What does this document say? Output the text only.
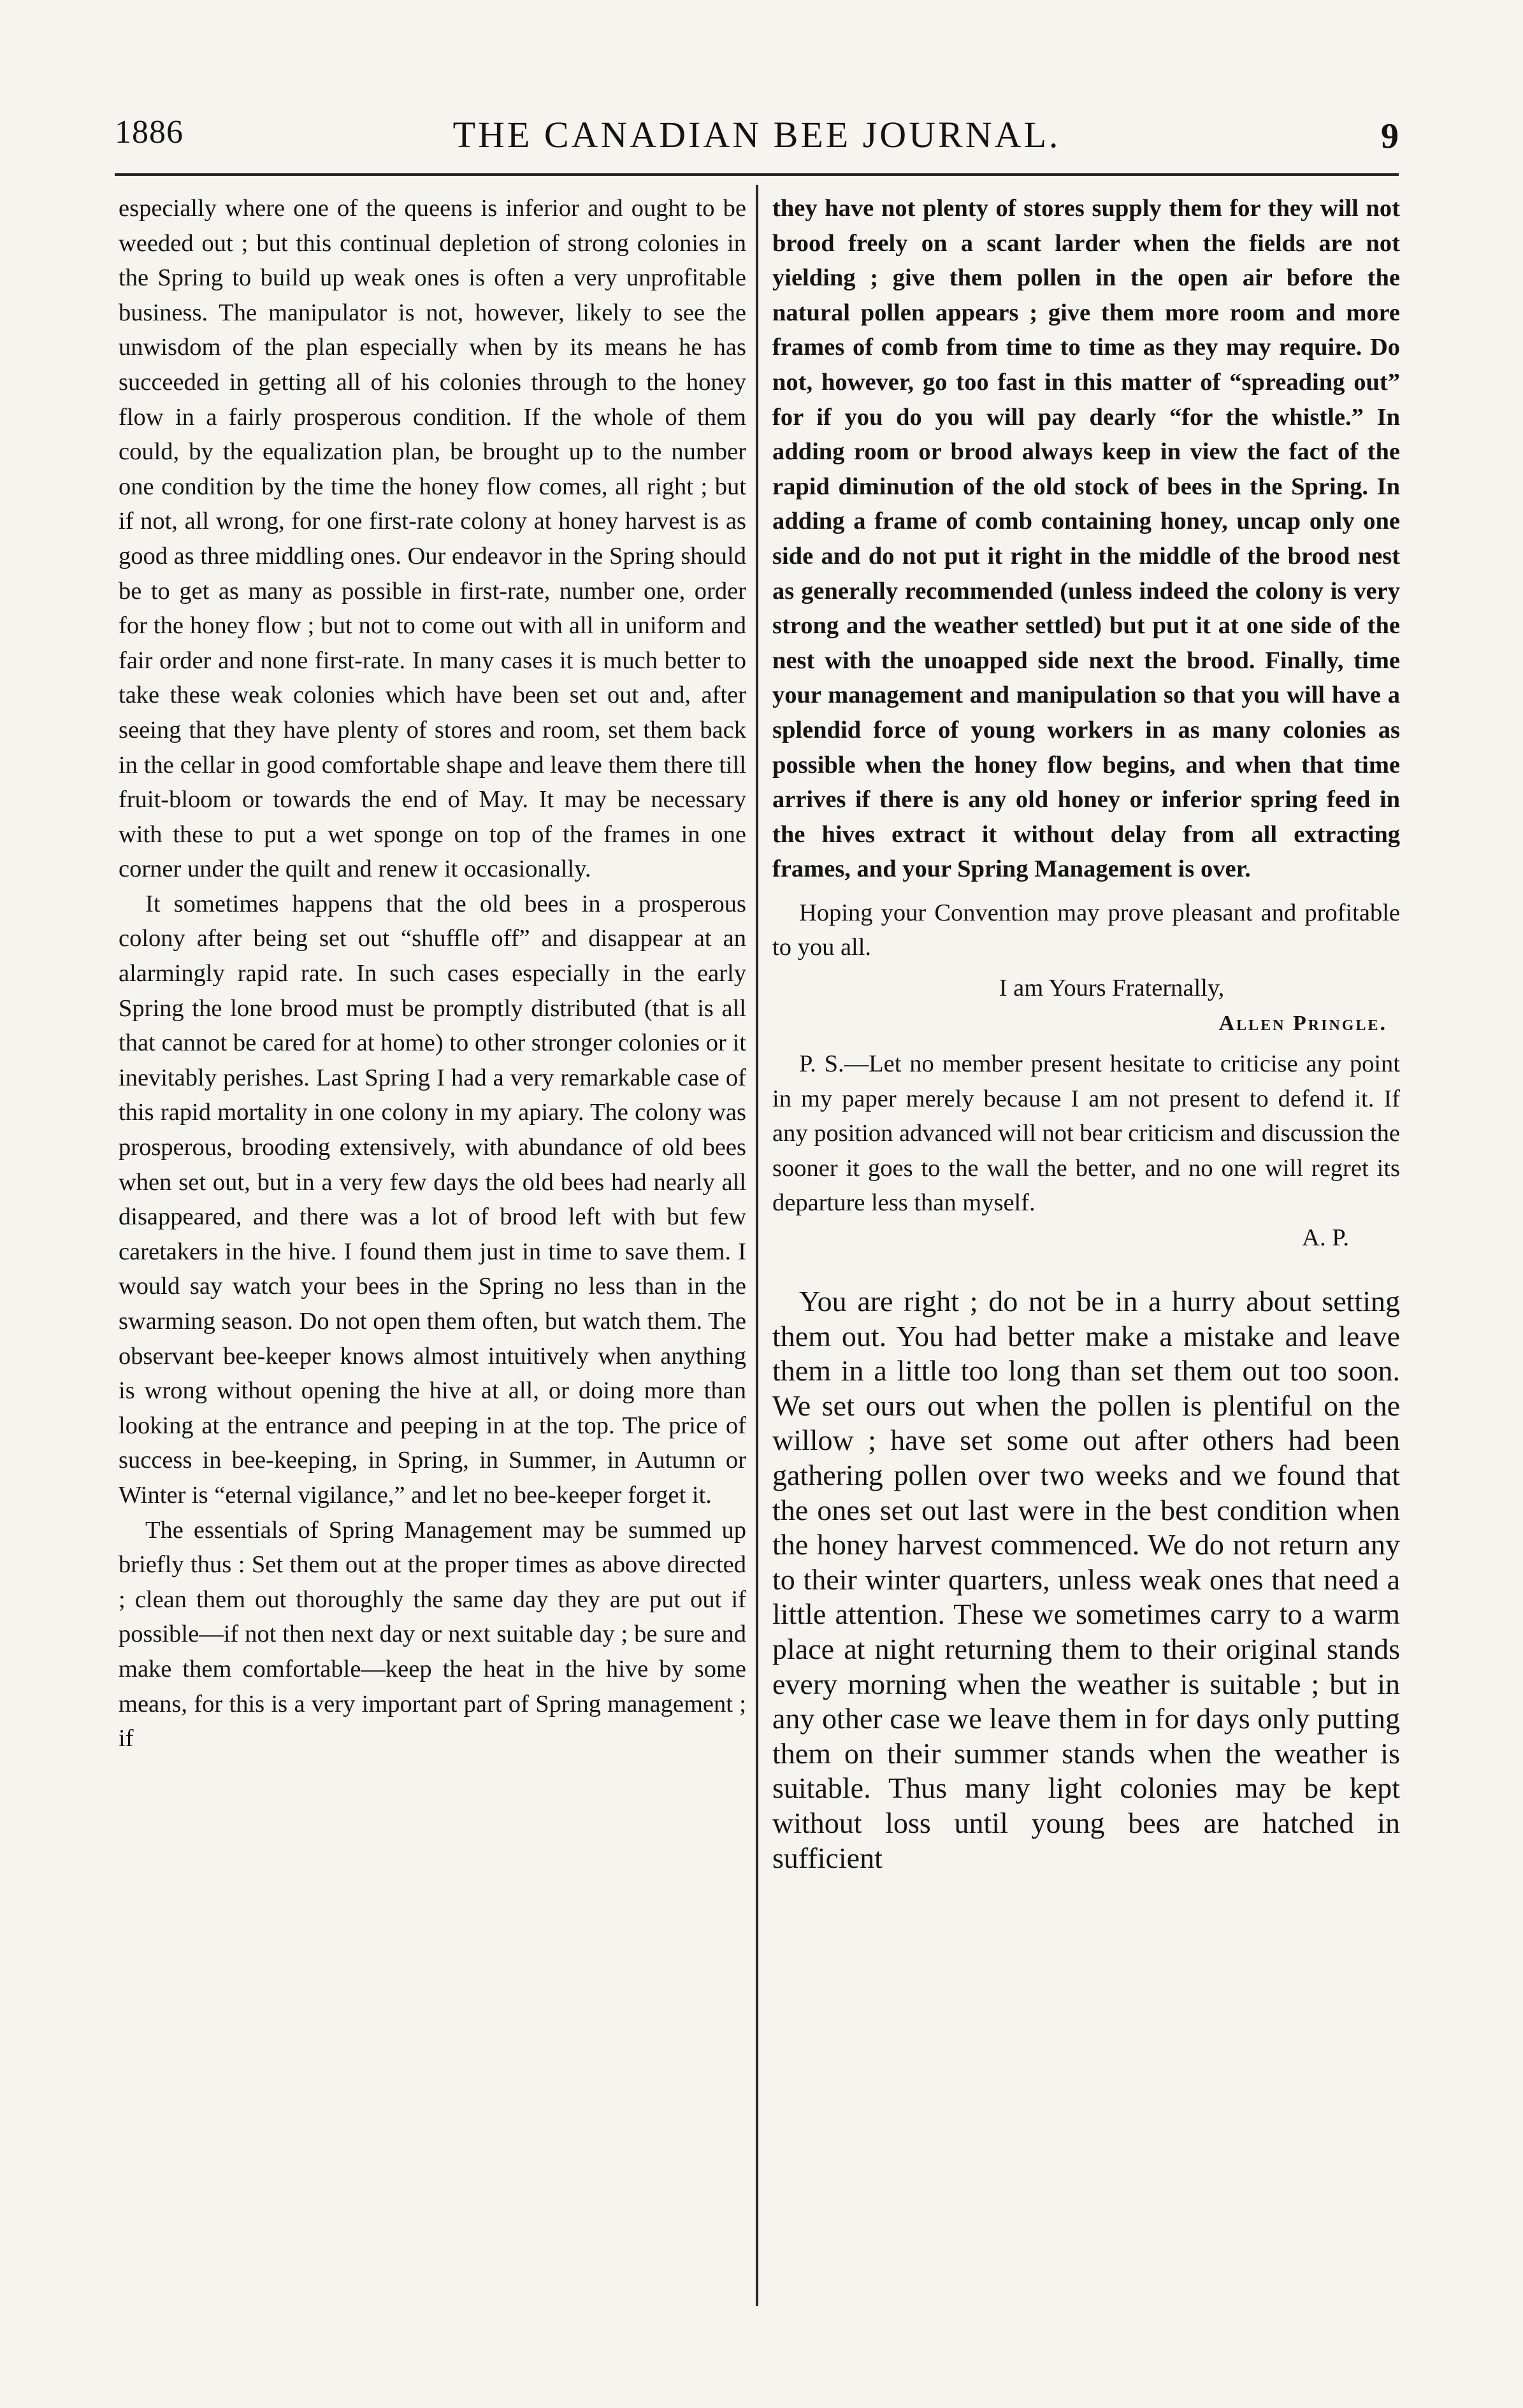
1886	THE CANADIAN BEE JOURNAL.	9

especially where one of the queens is inferior and ought to be weeded out ; but this continual depletion of strong colonies in the Spring to build up weak ones is often a very unprofitable business. The manipulator is not, however, likely to see the unwisdom of the plan especially when by its means he has succeeded in getting all of his colonies through to the honey flow in a fairly prosperous condition. If the whole of them could, by the equalization plan, be brought up to the number one condition by the time the honey flow comes, all right ; but if not, all wrong, for one first-rate colony at honey harvest is as good as three middling ones. Our endeavor in the Spring should be to get as many as possible in first-rate, number one, order for the honey flow ; but not to come out with all in uniform and fair order and none first-rate. In many cases it is much better to take these weak colonies which have been set out and, after seeing that they have plenty of stores and room, set them back in the cellar in good comfortable shape and leave them there till fruit-bloom or towards the end of May. It may be necessary with these to put a wet sponge on top of the frames in one corner under the quilt and renew it occasionally.

It sometimes happens that the old bees in a prosperous colony after being set out “shuffle off” and disappear at an alarmingly rapid rate. In such cases especially in the early Spring the lone brood must be promptly distributed (that is all that cannot be cared for at home) to other stronger colonies or it inevitably perishes. Last Spring I had a very remarkable case of this rapid mortality in one colony in my apiary. The colony was prosperous, brooding extensively, with abundance of old bees when set out, but in a very few days the old bees had nearly all disappeared, and there was a lot of brood left with but few caretakers in the hive. I found them just in time to save them. I would say watch your bees in the Spring no less than in the swarming season. Do not open them often, but watch them. The observant bee-keeper knows almost intuitively when anything is wrong without opening the hive at all, or doing more than looking at the entrance and peeping in at the top. The price of success in bee-keeping, in Spring, in Summer, in Autumn or Winter is “eternal vigilance,” and let no bee-keeper forget it.

The essentials of Spring Management may be summed up briefly thus : Set them out at the proper times as above directed ; clean them out thoroughly the same day they are put out if possible—if not then next day or next suitable day ; be sure and make them comfortable—keep the heat in the hive by some means, for this is a very important part of Spring management ; if

they have not plenty of stores supply them for they will not brood freely on a scant larder when the fields are not yielding ; give them pollen in the open air before the natural pollen appears ; give them more room and more frames of comb from time to time as they may require. Do not, however, go too fast in this matter of “spreading out” for if you do you will pay dearly “for the whistle.” In adding room or brood always keep in view the fact of the rapid diminution of the old stock of bees in the Spring. In adding a frame of comb containing honey, uncap only one side and do not put it right in the middle of the brood nest as generally recommended (unless indeed the colony is very strong and the weather settled) but put it at one side of the nest with the unoapped side next the brood. Finally, time your management and manipulation so that you will have a splendid force of young workers in as many colonies as possible when the honey flow begins, and when that time arrives if there is any old honey or inferior spring feed in the hives extract it without delay from all extracting frames, and your Spring Management is over.

Hoping your Convention may prove pleasant and profitable to you all.

I am Yours Fraternally,

Allen Pringle.

P. S.—Let no member present hesitate to criticise any point in my paper merely because I am not present to defend it. If any position advanced will not bear criticism and discussion the sooner it goes to the wall the better, and no one will regret its departure less than myself.

A. P.

You are right ; do not be in a hurry about setting them out. You had better make a mistake and leave them in a little too long than set them out too soon. We set ours out when the pollen is plentiful on the willow ; have set some out after others had been gathering pollen over two weeks and we found that the ones set out last were in the best condition when the honey harvest commenced. We do not return any to their winter quarters, unless weak ones that need a little attention. These we sometimes carry to a warm place at night returning them to their original stands every morning when the weather is suitable ; but in any other case we leave them in for days only putting them on their summer stands when the weather is suitable. Thus many light colonies may be kept without loss until young bees are hatched in sufficient
